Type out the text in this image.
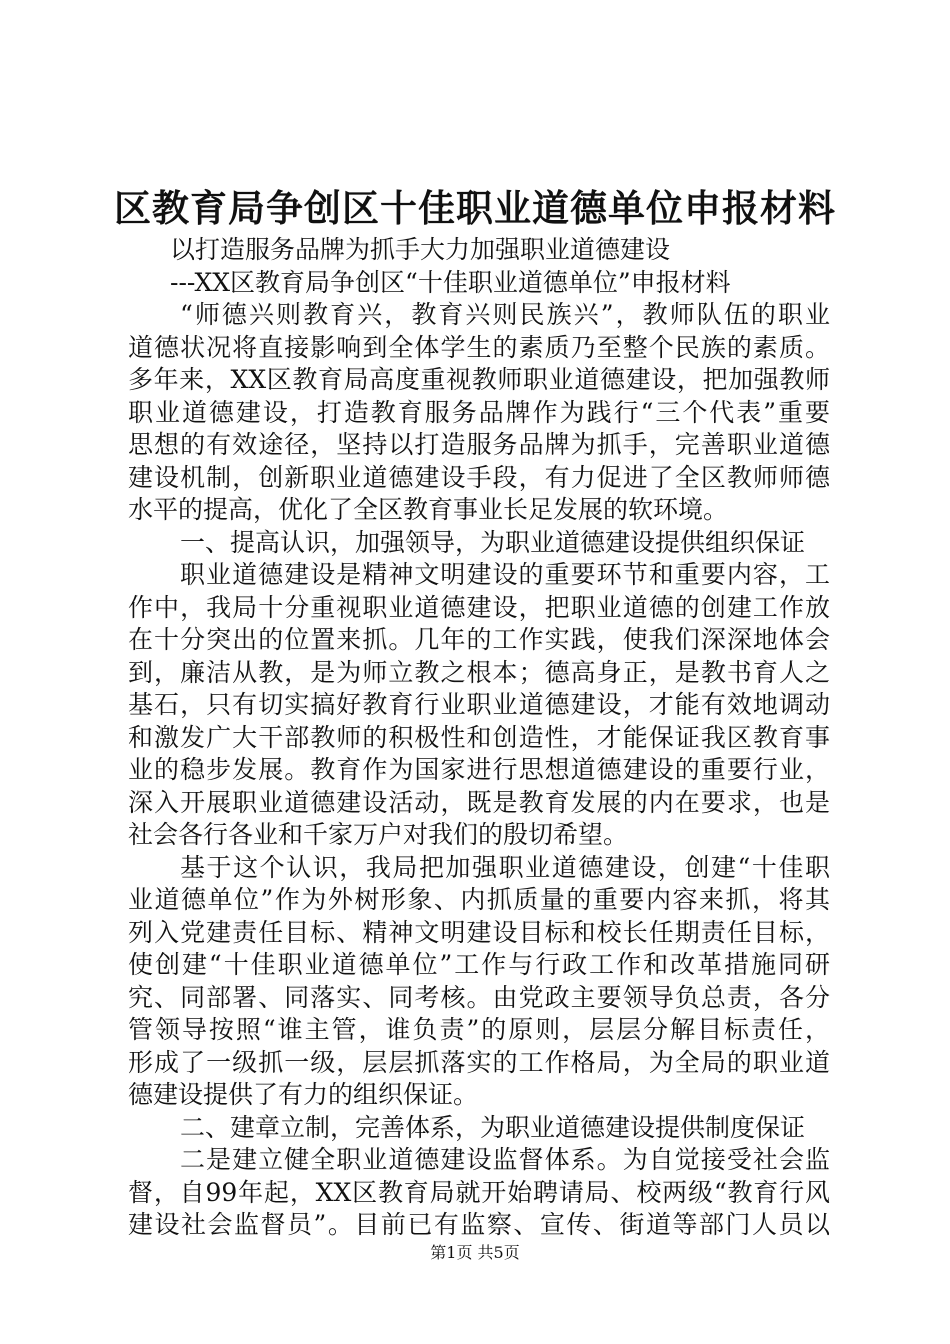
区教育局争创区十佳职业道德单位申报材料
以打造服务品牌为抓手大力加强职业道德建设
---XX区教育局争创区“十佳职业道德单位”申报材料
“师德兴则教育兴，教育兴则民族兴”，教师队伍的职业
道德状况将直接影响到全体学生的素质乃至整个民族的素质。
多年来，XX区教育局高度重视教师职业道德建设，把加强教师
职业道德建设，打造教育服务品牌作为践行“三个代表”重要
思想的有效途径，坚持以打造服务品牌为抓手，完善职业道德
建设机制，创新职业道德建设手段，有力促进了全区教师师德
水平的提高，优化了全区教育事业长足发展的软环境。
一、提高认识，加强领导，为职业道德建设提供组织保证
职业道德建设是精神文明建设的重要环节和重要内容，工
作中，我局十分重视职业道德建设，把职业道德的创建工作放
在十分突出的位置来抓。几年的工作实践，使我们深深地体会
到，廉洁从教，是为师立教之根本；德高身正，是教书育人之
基石，只有切实搞好教育行业职业道德建设，才能有效地调动
和激发广大干部教师的积极性和创造性，才能保证我区教育事
业的稳步发展。教育作为国家进行思想道德建设的重要行业，
深入开展职业道德建设活动，既是教育发展的内在要求，也是
社会各行各业和千家万户对我们的殷切希望。
基于这个认识，我局把加强职业道德建设，创建“十佳职
业道德单位”作为外树形象、内抓质量的重要内容来抓，将其
列入党建责任目标、精神文明建设目标和校长任期责任目标，
使创建“十佳职业道德单位”工作与行政工作和改革措施同研
究、同部署、同落实、同考核。由党政主要领导负总责，各分
管领导按照“谁主管，谁负责”的原则，层层分解目标责任，
形成了一级抓一级，层层抓落实的工作格局，为全局的职业道
德建设提供了有力的组织保证。
二、建章立制，完善体系，为职业道德建设提供制度保证
二是建立健全职业道德建设监督体系。为自觉接受社会监
督，自99年起，XX区教育局就开始聘请局、校两级“教育行风
建设社会监督员”。目前已有监察、宣传、街道等部门人员以
第1页 共5页
